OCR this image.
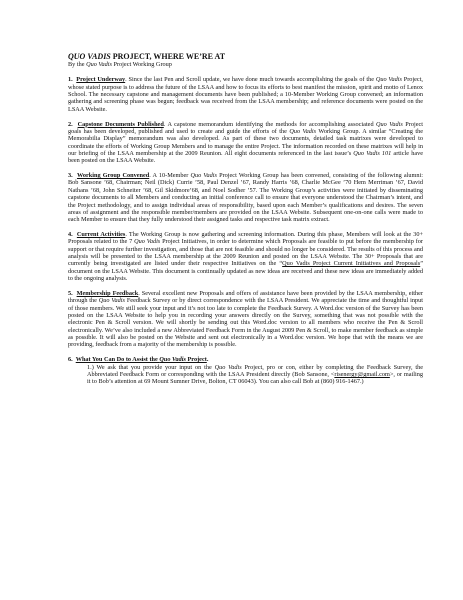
QUO VADIS PROJECT, WHERE WE’RE AT

By the Quo Vadis Project Working Group

1. Project Underway. Since the last Pen and Scroll update, we have done much towards accomplishing the goals of the Quo Vadis Project, whose stated purpose is to address the future of the LSAA and how to focus its efforts to best manifest the mission, spirit and motto of Lenox School. The necessary capstone and management documents have been published; a 10-Member Working Group convened; an information gathering and screening phase was begun; feedback was received from the LSAA membership; and reference documents were posted on the LSAA Website.

2. Capstone Documents Published. A capstone memorandum identifying the methods for accomplishing associated Quo Vadis Project goals has been developed, published and used to create and guide the efforts of the Quo Vadis Working Group. A similar “Creating the Memorabilia Display” memorandum was also developed. As part of these two documents, detailed task matrixes were developed to coordinate the efforts of Working Group Members and to manage the entire Project. The information recorded on these matrixes will help in our briefing of the LSAA membership at the 2009 Reunion. All eight documents referenced in the last issue’s Quo Vadis 101 article have been posted on the LSAA Website.

3. Working Group Convened. A 10-Member Quo Vadis Project Working Group has been convened, consisting of the following alumni: Bob Sansone ’68, Chairman; Neil (Dick) Currie ’58, Paul Denzel ’67, Randy Harris ’68, Charlie McGee ’70 Hem Merriman ’67, David Nathans ’68, John Schneiter ’68, Gil Skidmore’68, and Noel Sodher ’57. The Working Group’s activities were initiated by disseminating capstone documents to all Members and conducting an initial conference call to ensure that everyone understood the Chairman’s intent, and the Project methodology, and to assign individual areas of responsibility, based upon each Member’s qualifications and desires. The seven areas of assignment and the responsible member/members are provided on the LSAA Website. Subsequent one-on-one calls were made to each Member to ensure that they fully understood their assigned tasks and respective task matrix extract.

4. Current Activities. The Working Group is now gathering and screening information. During this phase, Members will look at the 30+ Proposals related to the 7 Quo Vadis Project Initiatives, in order to determine which Proposals are feasible to put before the membership for support or that require further investigation, and those that are not feasible and should no longer be considered. The results of this process and analysis will be presented to the LSAA membership at the 2009 Reunion and posted on the LSAA Website. The 30+ Proposals that are currently being investigated are listed under their respective Initiatives on the “Quo Vadis Project Current Initiatives and Proposals” document on the LSAA Website. This document is continually updated as new ideas are received and these new ideas are immediately added to the ongoing analysis.

5. Membership Feedback. Several excellent new Proposals and offers of assistance have been provided by the LSAA membership, either through the Quo Vadis Feedback Survey or by direct correspondence with the LSAA President. We appreciate the time and thoughtful input of those members. We still seek your input and it’s not too late to complete the Feedback Survey. A Word.doc version of the Survey has been posted on the LSAA Website to help you in recording your answers directly on the Survey, something that was not possible with the electronic Pen & Scroll version. We will shortly be sending out this Word.doc version to all members who receive the Pen & Scroll electronically. We’ve also included a new Abbreviated Feedback Form in the August 2009 Pen & Scroll, to make member feedback as simple as possible. It will also be posted on the Website and sent out electronically in a Word.doc version. We hope that with the means we are providing, feedback from a majority of the membership is possible.

6. What You Can Do to Assist the Quo Vadis Project.

1.) We ask that you provide your input on the Quo Vadis Project, pro or con, either by completing the Feedback Survey, the Abbreviated Feedback Form or corresponding with the LSAA President directly (Bob Sansone, <risenergy@gmail.com>, or mailing it to Bob’s attention at 69 Mount Sumner Drive, Bolton, CT 06043). You can also call Bob at (860) 916-1467.)
